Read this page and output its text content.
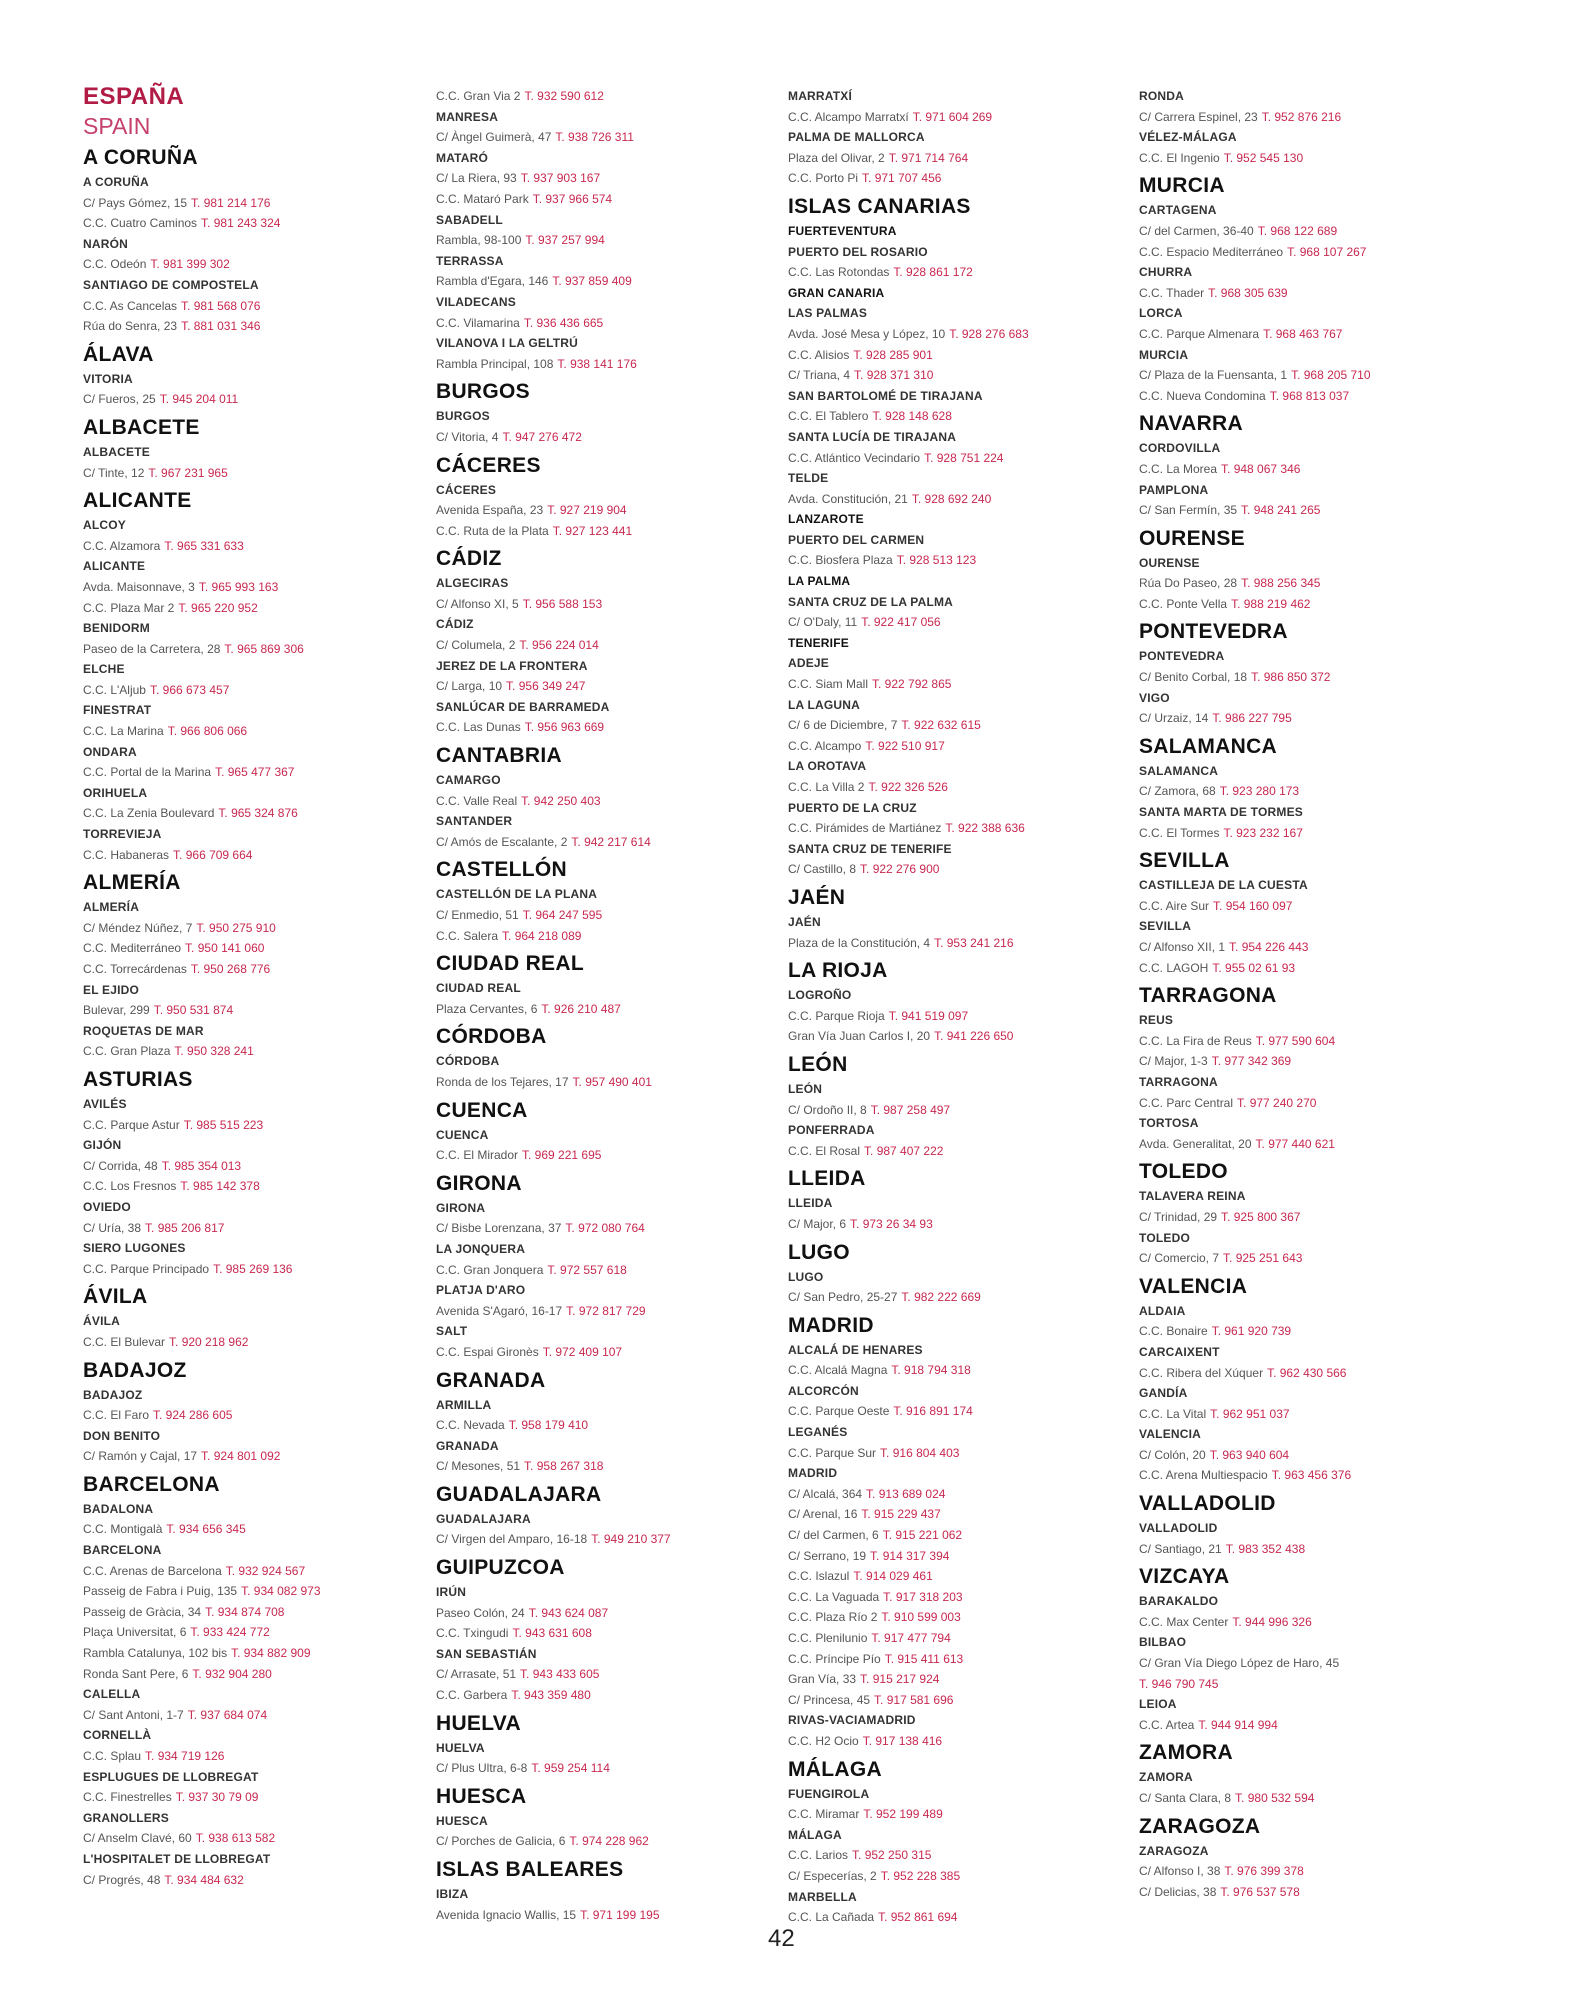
ESPAÑA
SPAIN
A CORUÑA
A CORUÑA
C/ Pays Gómez, 15 T. 981 214 176
C.C. Cuatro Caminos T. 981 243 324
NARÓN
C.C. Odeón T. 981 399 302
SANTIAGO DE COMPOSTELA
C.C. As Cancelas T. 981 568 076
Rúa do Senra, 23 T. 881 031 346
ÁLAVA
VITORIA
C/ Fueros, 25 T. 945 204 011
ALBACETE
ALBACETE
C/ Tinte, 12 T. 967 231 965
ALICANTE
ALCOY
C.C. Alzamora T. 965 331 633
ALICANTE
Avda. Maisonnave, 3 T. 965 993 163
C.C. Plaza Mar 2 T. 965 220 952
BENIDORM
Paseo de la Carretera, 28 T. 965 869 306
ELCHE
C.C. L'Aljub T. 966 673 457
FINESTRAT
C.C. La Marina T. 966 806 066
ONDARA
C.C. Portal de la Marina T. 965 477 367
ORIHUELA
C.C. La Zenia Boulevard T. 965 324 876
TORREVIEJA
C.C. Habaneras T. 966 709 664
ALMERÍA
ALMERÍA
C/ Méndez Núñez, 7 T. 950 275 910
C.C. Mediterráneo T. 950 141 060
C.C. Torrecárdenas T. 950 268 776
EL EJIDO
Bulevar, 299 T. 950 531 874
ROQUETAS DE MAR
C.C. Gran Plaza T. 950 328 241
ASTURIAS
AVILÉS
C.C. Parque Astur T. 985 515 223
GIJÓN
C/ Corrida, 48 T. 985 354 013
C.C. Los Fresnos T. 985 142 378
OVIEDO
C/ Uría, 38 T. 985 206 817
SIERO LUGONES
C.C. Parque Principado T. 985 269 136
ÁVILA
ÁVILA
C.C. El Bulevar T. 920 218 962
BADAJOZ
BADAJOZ
C.C. El Faro T. 924 286 605
DON BENITO
C/ Ramón y Cajal, 17 T. 924 801 092
BARCELONA
BADALONA
C.C. Montigalà T. 934 656 345
BARCELONA
C.C. Arenas de Barcelona T. 932 924 567
Passeig de Fabra i Puig, 135 T. 934 082 973
Passeig de Gràcia, 34 T. 934 874 708
Plaça Universitat, 6 T. 933 424 772
Rambla Catalunya, 102 bis T. 934 882 909
Ronda Sant Pere, 6 T. 932 904 280
CALELLA
C/ Sant Antoni, 1-7 T. 937 684 074
CORNELLÀ
C.C. Splau T. 934 719 126
ESPLUGUES DE LLOBREGAT
C.C. Finestrelles T. 937 30 79 09
GRANOLLERS
C/ Anselm Clavé, 60 T. 938 613 582
L'HOSPITALET DE LLOBREGAT
C/ Progrés, 48 T. 934 484 632
C.C. Gran Via 2 T. 932 590 612
MANRESA
C/ Àngel Guimerà, 47 T. 938 726 311
MATARÓ
C/ La Riera, 93 T. 937 903 167
C.C. Mataró Park T. 937 966 574
SABADELL
Rambla, 98-100 T. 937 257 994
TERRASSA
Rambla d'Egara, 146 T. 937 859 409
VILADECANS
C.C. Vilamarina T. 936 436 665
VILANOVA I LA GELTRÚ
Rambla Principal, 108 T. 938 141 176
BURGOS
BURGOS
C/ Vitoria, 4 T. 947 276 472
CÁCERES
CÁCERES
Avenida España, 23 T. 927 219 904
C.C. Ruta de la Plata T. 927 123 441
CÁDIZ
ALGECIRAS
C/ Alfonso XI, 5 T. 956 588 153
CÁDIZ
C/ Columela, 2 T. 956 224 014
JEREZ DE LA FRONTERA
C/ Larga, 10 T. 956 349 247
SANLÚCAR DE BARRAMEDA
C.C. Las Dunas T. 956 963 669
CANTABRIA
CAMARGO
C.C. Valle Real T. 942 250 403
SANTANDER
C/ Amós de Escalante, 2 T. 942 217 614
CASTELLÓN
CASTELLÓN DE LA PLANA
C/ Enmedio, 51 T. 964 247 595
C.C. Salera T. 964 218 089
CIUDAD REAL
CIUDAD REAL
Plaza Cervantes, 6 T. 926 210 487
CÓRDOBA
CÓRDOBA
Ronda de los Tejares, 17 T. 957 490 401
CUENCA
CUENCA
C.C. El Mirador T. 969 221 695
GIRONA
GIRONA
C/ Bisbe Lorenzana, 37 T. 972 080 764
LA JONQUERA
C.C. Gran Jonquera T. 972 557 618
PLATJA D'ARO
Avenida S'Agaró, 16-17 T. 972 817 729
SALT
C.C. Espai Gironès T. 972 409 107
GRANADA
ARMILLA
C.C. Nevada T. 958 179 410
GRANADA
C/ Mesones, 51 T. 958 267 318
GUADALAJARA
GUADALAJARA
C/ Virgen del Amparo, 16-18 T. 949 210 377
GUIPUZCOA
IRÚN
Paseo Colón, 24 T. 943 624 087
C.C. Txingudi T. 943 631 608
SAN SEBASTIÁN
C/ Arrasate, 51 T. 943 433 605
C.C. Garbera T. 943 359 480
HUELVA
HUELVA
C/ Plus Ultra, 6-8 T. 959 254 114
HUESCA
HUESCA
C/ Porches de Galicia, 6 T. 974 228 962
ISLAS BALEARES
IBIZA
Avenida Ignacio Wallis, 15 T. 971 199 195
MARRATXÍ
C.C. Alcampo Marratxí T. 971 604 269
PALMA DE MALLORCA
Plaza del Olivar, 2 T. 971 714 764
C.C. Porto Pi T. 971 707 456
ISLAS CANARIAS
FUERTEVENTURA
PUERTO DEL ROSARIO
C.C. Las Rotondas T. 928 861 172
GRAN CANARIA
LAS PALMAS
Avda. José Mesa y López, 10 T. 928 276 683
C.C. Alisios T. 928 285 901
C/ Triana, 4 T. 928 371 310
SAN BARTOLOMÉ DE TIRAJANA
C.C. El Tablero T. 928 148 628
SANTA LUCÍA DE TIRAJANA
C.C. Atlántico Vecindario T. 928 751 224
TELDE
Avda. Constitución, 21 T. 928 692 240
LANZAROTE
PUERTO DEL CARMEN
C.C. Biosfera Plaza T. 928 513 123
LA PALMA
SANTA CRUZ DE LA PALMA
C/ O'Daly, 11 T. 922 417 056
TENERIFE
ADEJE
C.C. Siam Mall T. 922 792 865
LA LAGUNA
C/ 6 de Diciembre, 7 T. 922 632 615
C.C. Alcampo T. 922 510 917
LA OROTAVA
C.C. La Villa 2 T. 922 326 526
PUERTO DE LA CRUZ
C.C. Pirámides de Martiánez T. 922 388 636
SANTA CRUZ DE TENERIFE
C/ Castillo, 8 T. 922 276 900
JAÉN
JAÉN
Plaza de la Constitución, 4 T. 953 241 216
LA RIOJA
LOGROÑO
C.C. Parque Rioja T. 941 519 097
Gran Vía Juan Carlos I, 20 T. 941 226 650
LEÓN
LEÓN
C/ Ordoño II, 8 T. 987 258 497
PONFERRADA
C.C. El Rosal T. 987 407 222
LLEIDA
LLEIDA
C/ Major, 6 T. 973 26 34 93
LUGO
LUGO
C/ San Pedro, 25-27 T. 982 222 669
MADRID
ALCALÁ DE HENARES
C.C. Alcalá Magna T. 918 794 318
ALCORCÓN
C.C. Parque Oeste T. 916 891 174
LEGANÉS
C.C. Parque Sur T. 916 804 403
MADRID
C/ Alcalá, 364 T. 913 689 024
C/ Arenal, 16 T. 915 229 437
C/ del Carmen, 6 T. 915 221 062
C/ Serrano, 19 T. 914 317 394
C.C. Islazul T. 914 029 461
C.C. La Vaguada T. 917 318 203
C.C. Plaza Río 2 T. 910 599 003
C.C. Plenilunio T. 917 477 794
C.C. Príncipe Pío T. 915 411 613
Gran Vía, 33 T. 915 217 924
C/ Princesa, 45 T. 917 581 696
RIVAS-VACIAMADRID
C.C. H2 Ocio T. 917 138 416
MÁLAGA
FUENGIROLA
C.C. Miramar T. 952 199 489
MÁLAGA
C.C. Larios T. 952 250 315
C/ Especerías, 2 T. 952 228 385
MARBELLA
C.C. La Cañada T. 952 861 694
RONDA
C/ Carrera Espinel, 23 T. 952 876 216
VÉLEZ-MÁLAGA
C.C. El Ingenio T. 952 545 130
MURCIA
CARTAGENA
C/ del Carmen, 36-40 T. 968 122 689
C.C. Espacio Mediterráneo T. 968 107 267
CHURRA
C.C. Thader T. 968 305 639
LORCA
C.C. Parque Almenara T. 968 463 767
MURCIA
C/ Plaza de la Fuensanta, 1 T. 968 205 710
C.C. Nueva Condomina T. 968 813 037
NAVARRA
CORDOVILLA
C.C. La Morea T. 948 067 346
PAMPLONA
C/ San Fermín, 35 T. 948 241 265
OURENSE
OURENSE
Rúa Do Paseo, 28 T. 988 256 345
C.C. Ponte Vella T. 988 219 462
PONTEVEDRA
PONTEVEDRA
C/ Benito Corbal, 18 T. 986 850 372
VIGO
C/ Urzaiz, 14 T. 986 227 795
SALAMANCA
SALAMANCA
C/ Zamora, 68 T. 923 280 173
SANTA MARTA DE TORMES
C.C. El Tormes T. 923 232 167
SEVILLA
CASTILLEJA DE LA CUESTA
C.C. Aire Sur T. 954 160 097
SEVILLA
C/ Alfonso XII, 1 T. 954 226 443
C.C. LAGOH T. 955 02 61 93
TARRAGONA
REUS
C.C. La Fira de Reus T. 977 590 604
C/ Major, 1-3 T. 977 342 369
TARRAGONA
C.C. Parc Central T. 977 240 270
TORTOSA
Avda. Generalitat, 20 T. 977 440 621
TOLEDO
TALAVERA REINA
C/ Trinidad, 29 T. 925 800 367
TOLEDO
C/ Comercio, 7 T. 925 251 643
VALENCIA
ALDAIA
C.C. Bonaire T. 961 920 739
CARCAIXENT
C.C. Ribera del Xúquer T. 962 430 566
GANDÍA
C.C. La Vital T. 962 951 037
VALENCIA
C/ Colón, 20 T. 963 940 604
C.C. Arena Multiespacio T. 963 456 376
VALLADOLID
VALLADOLID
C/ Santiago, 21 T. 983 352 438
VIZCAYA
BARAKALDO
C.C. Max Center T. 944 996 326
BILBAO
C/ Gran Vía Diego López de Haro, 45
T. 946 790 745
LEIOA
C.C. Artea T. 944 914 994
ZAMORA
ZAMORA
C/ Santa Clara, 8 T. 980 532 594
ZARAGOZA
ZARAGOZA
C/ Alfonso I, 38 T. 976 399 378
C/ Delicias, 38 T. 976 537 578
42
